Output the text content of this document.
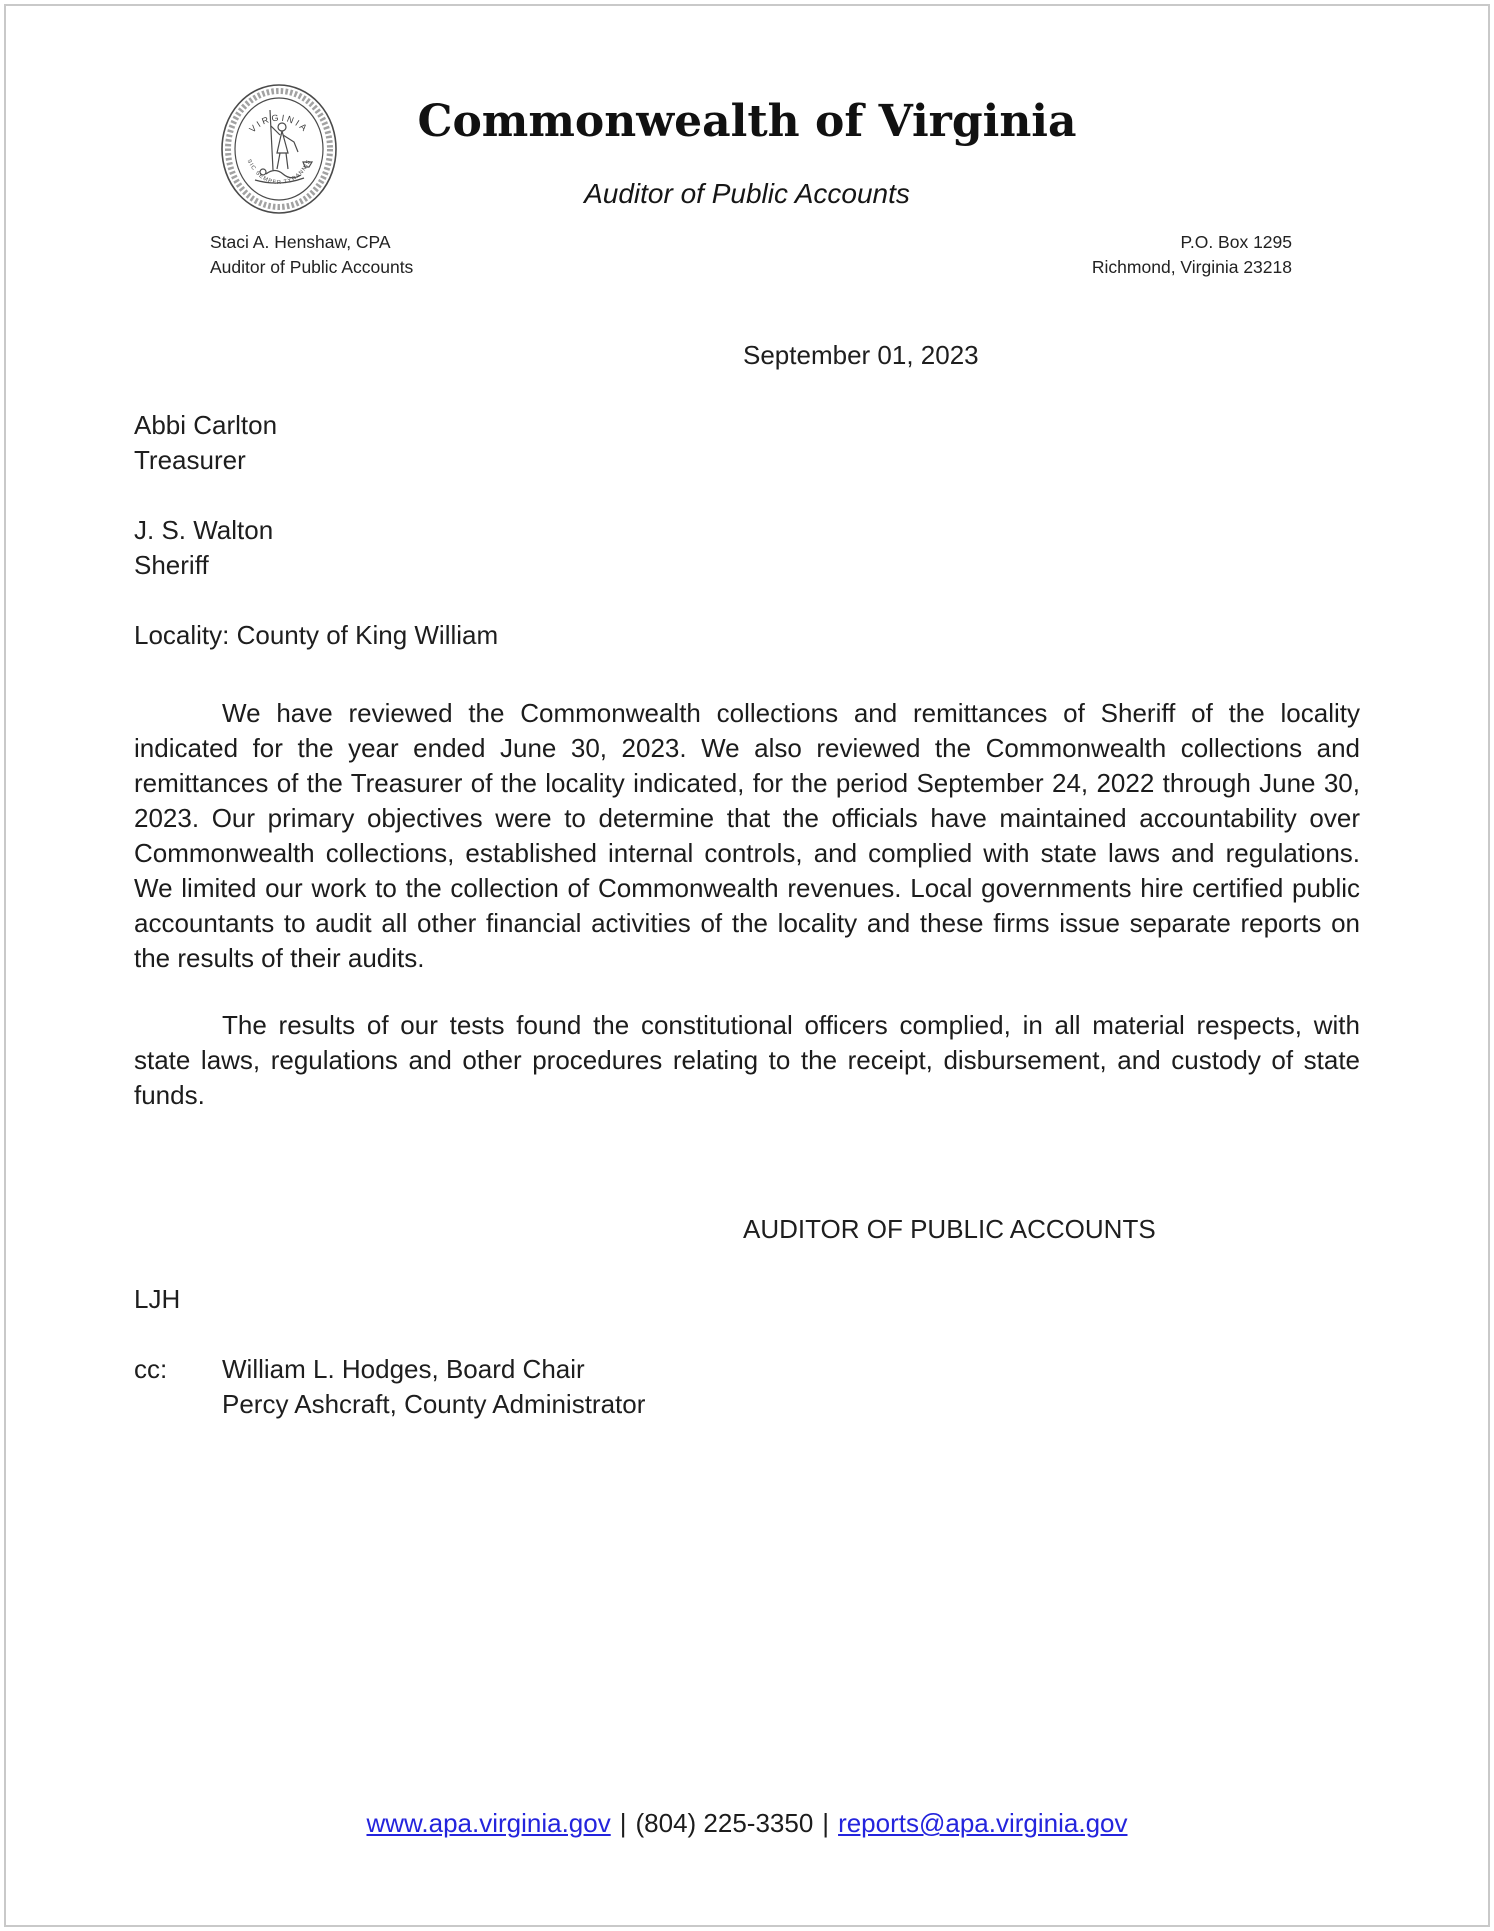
VIRGINIA
SIC SEMPER TYRANNIS
Commonwealth of Virginia
Auditor of Public Accounts
Staci A. Henshaw, CPA
Auditor of Public Accounts
P.O. Box 1295
Richmond, Virginia 23218
September 01, 2023
Abbi Carlton
Treasurer
J. S. Walton
Sheriff
Locality: County of King William

We have reviewed the Commonwealth collections and remittances of Sheriff of the locality indicated for the year ended June 30, 2023. We also reviewed the Commonwealth collections and remittances of the Treasurer of the locality indicated, for the period September 24, 2022 through June 30, 2023. Our primary objectives were to determine that the officials have maintained accountability over Commonwealth collections, established internal controls, and complied with state laws and regulations. We limited our work to the collection of Commonwealth revenues. Local governments hire certified public accountants to audit all other financial activities of the locality and these firms issue separate reports on the results of their audits.

The results of our tests found the constitutional officers complied, in all material respects, with state laws, regulations and other procedures relating to the receipt, disbursement, and custody of state funds.

AUDITOR OF PUBLIC ACCOUNTS
LJH
cc: William L. Hodges, Board Chair
Percy Ashcraft, County Administrator
www.apa.virginia.gov | (804) 225-3350 | reports@apa.virginia.gov
